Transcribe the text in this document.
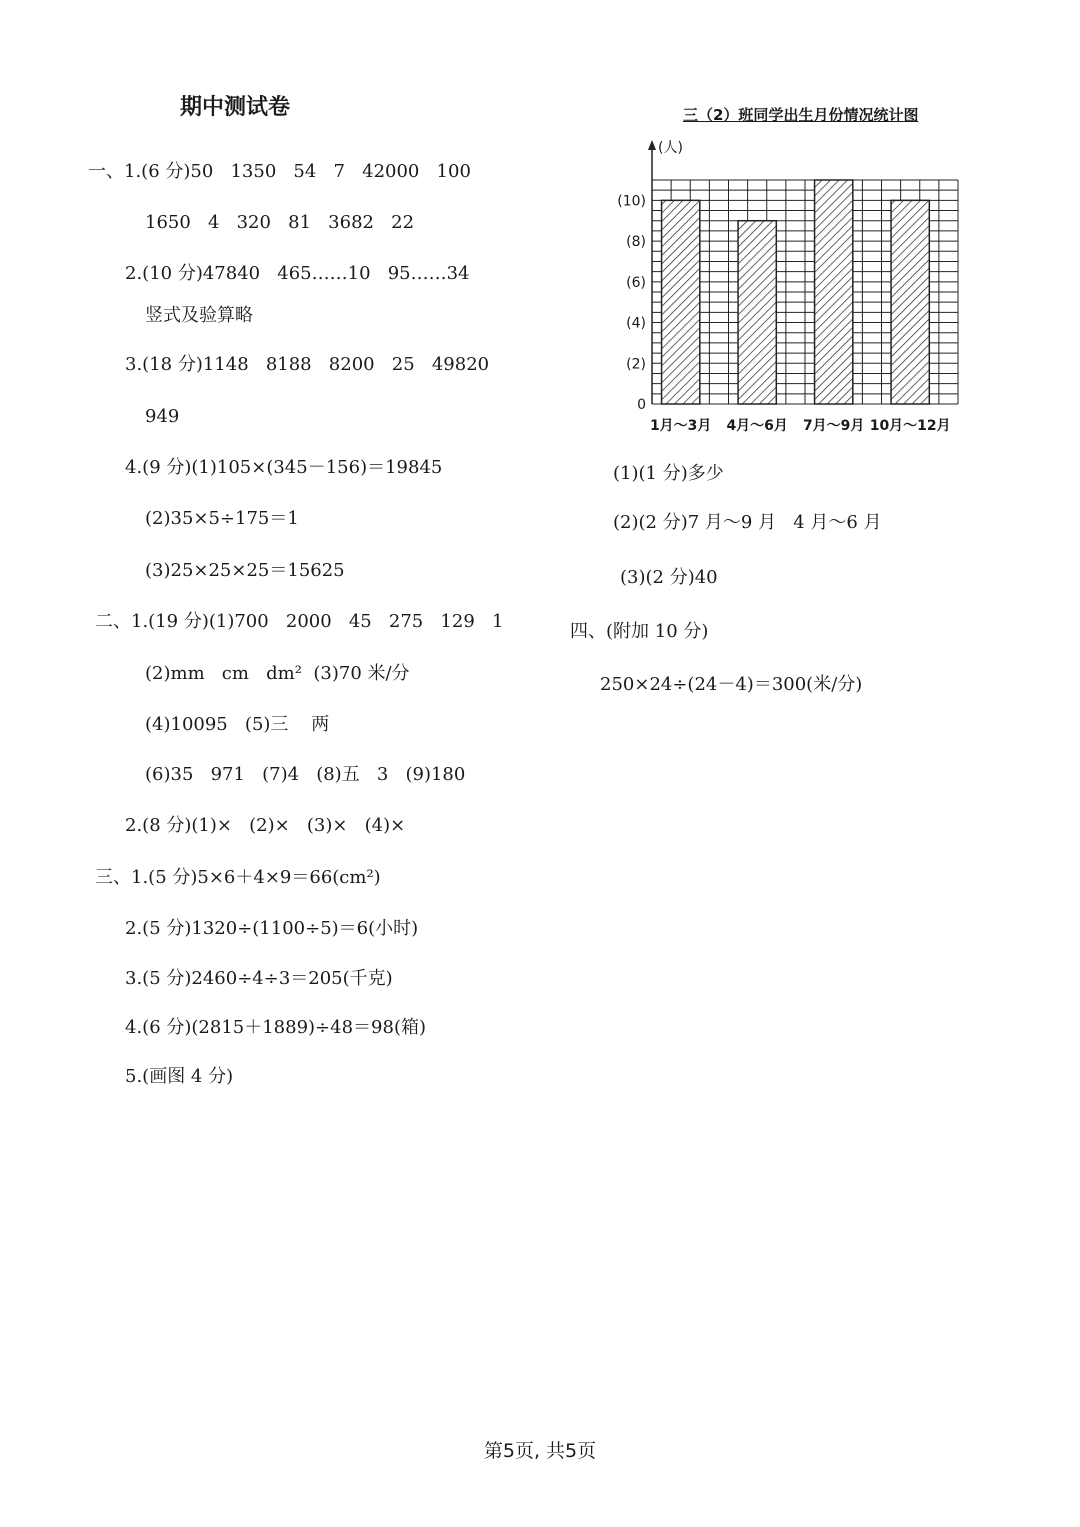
期中测试卷
一、1.(6 分)50   1350   54   7   42000   100
1650   4   320   81   3682   22
2.(10 分)47840   465……10   95……34
竖式及验算略
3.(18 分)1148   8188   8200   25   49820
949
4.(9 分)(1)105×(345－156)＝19845
(2)35×5÷175＝1
(3)25×25×25＝15625
二、1.(19 分)(1)700   2000   45   275   129   1
(2)mm   cm   dm²  (3)70 米/分
(4)10095   (5)三    两
(6)35   971   (7)4   (8)五   3   (9)180
2.(8 分)(1)×   (2)×   (3)×   (4)×
三、1.(5 分)5×6＋4×9＝66(cm²)
2.(5 分)1320÷(1100÷5)＝6(小时)
3.(5 分)2460÷4÷3＝205(千克)
4.(6 分)(2815＋1889)÷48＝98(箱)
5.(画图 4 分)
三（2）班同学出生月份情况统计图
(人)
0
(2)
(4)
(6)
(8)
(10)
1月～3月 4月～6月 7月～9月 10月～12月
(1)(1 分)多少
(2)(2 分)7 月～9 月   4 月～6 月
(3)(2 分)40
四、(附加 10 分)
250×24÷(24－4)＝300(米/分)
第5页, 共5页
